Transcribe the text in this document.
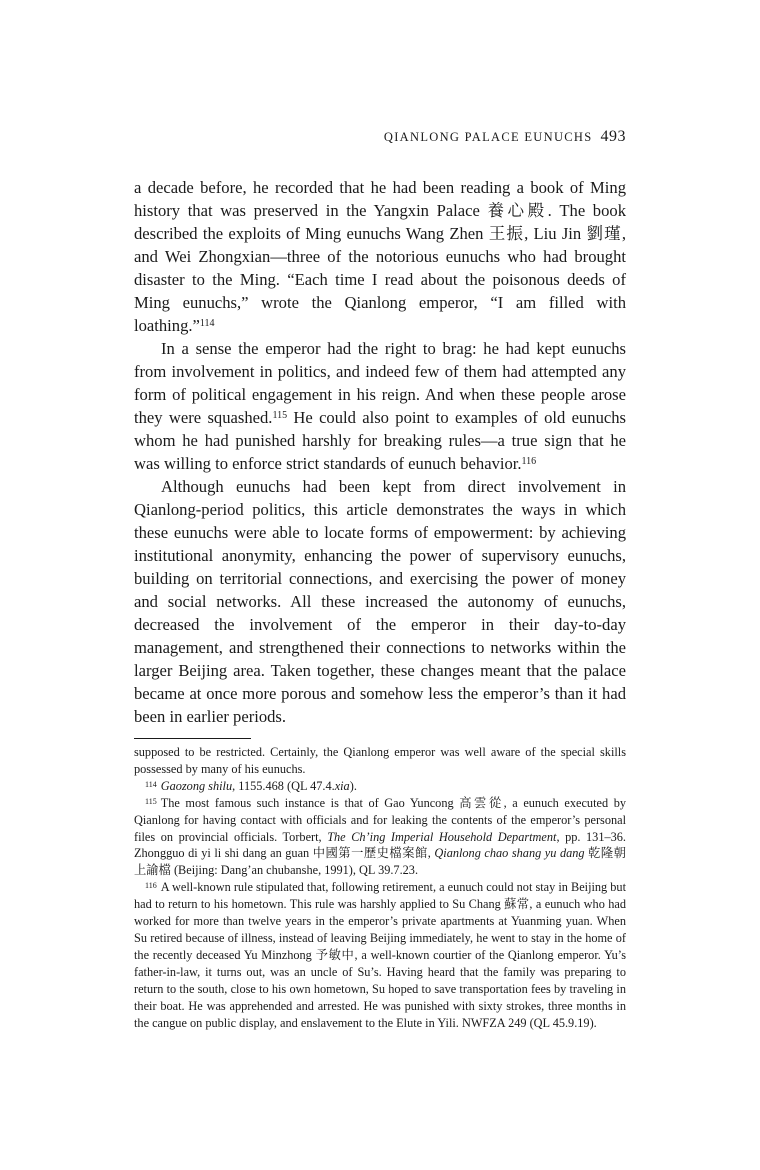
QIANLONG PALACE EUNUCHS 493

a decade before, he recorded that he had been reading a book of Ming history that was preserved in the Yangxin Palace 養心殿. The book described the exploits of Ming eunuchs Wang Zhen 王振, Liu Jin 劉瑾, and Wei Zhongxian—three of the notorious eunuchs who had brought disaster to the Ming. “Each time I read about the poisonous deeds of Ming eunuchs,” wrote the Qianlong emperor, “I am filled with loathing.”$^{114}$

In a sense the emperor had the right to brag: he had kept eunuchs from involvement in politics, and indeed few of them had attempted any form of political engagement in his reign. And when these people arose they were squashed.$^{115}$ He could also point to examples of old eunuchs whom he had punished harshly for breaking rules—a true sign that he was willing to enforce strict standards of eunuch behavior.$^{116}$

Although eunuchs had been kept from direct involvement in Qianlong-period politics, this article demonstrates the ways in which these eunuchs were able to locate forms of empowerment: by achieving institutional anonymity, enhancing the power of supervisory eunuchs, building on territorial connections, and exercising the power of money and social networks. All these increased the autonomy of eunuchs, decreased the involvement of the emperor in their day-to-day management, and strengthened their connections to networks within the larger Beijing area. Taken together, these changes meant that the palace became at once more porous and somehow less the emperor’s than it had been in earlier periods.

supposed to be restricted. Certainly, the Qianlong emperor was well aware of the special skills possessed by many of his eunuchs.

$^{114}$ Gaozong shilu, 1155.468 (QL 47.4.xia).

$^{115}$ The most famous such instance is that of Gao Yuncong 高雲從, a eunuch executed by Qianlong for having contact with officials and for leaking the contents of the emperor’s personal files on provincial officials. Torbert, The Ch’ing Imperial Household Department, pp. 131–36. Zhongguo di yi li shi dang an guan 中國第一歷史檔案館, Qianlong chao shang yu dang 乾隆朝上諭檔 (Beijing: Dang’an chubanshe, 1991), QL 39.7.23.

$^{116}$ A well-known rule stipulated that, following retirement, a eunuch could not stay in Beijing but had to return to his hometown. This rule was harshly applied to Su Chang 蘇常, a eunuch who had worked for more than twelve years in the emperor’s private apartments at Yuanming yuan. When Su retired because of illness, instead of leaving Beijing immediately, he went to stay in the home of the recently deceased Yu Minzhong 予敏中, a well-known courtier of the Qianlong emperor. Yu’s father-in-law, it turns out, was an uncle of Su’s. Having heard that the family was preparing to return to the south, close to his own hometown, Su hoped to save transportation fees by traveling in their boat. He was apprehended and arrested. He was punished with sixty strokes, three months in the cangue on public display, and enslavement to the Elute in Yili. NWFZA 249 (QL 45.9.19).
